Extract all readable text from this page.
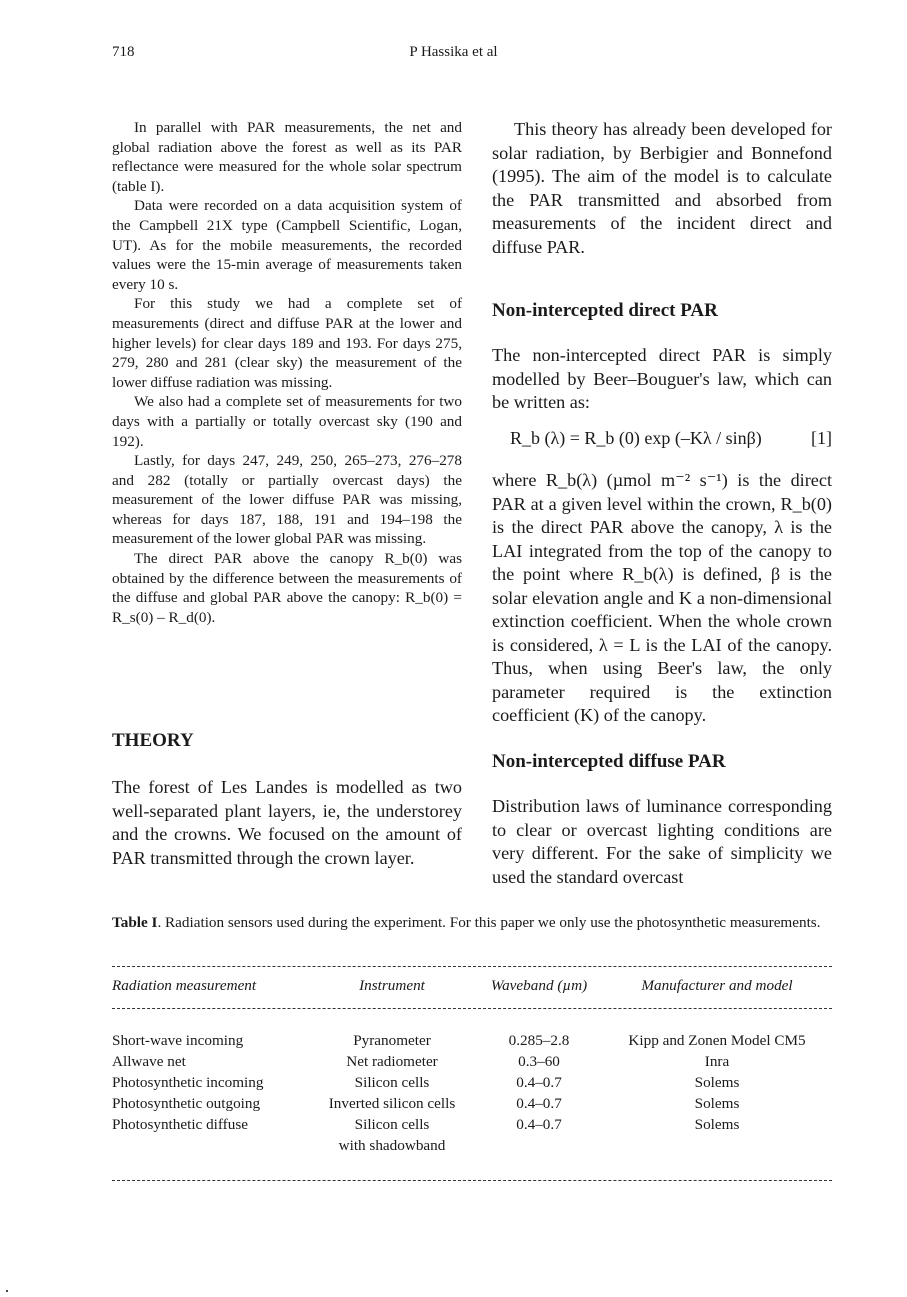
718	P Hassika et al

In parallel with PAR measurements, the net and global radiation above the forest as well as its PAR reflectance were measured for the whole solar spectrum (table I).

Data were recorded on a data acquisition system of the Campbell 21X type (Campbell Scientific, Logan, UT). As for the mobile measurements, the recorded values were the 15-min average of measurements taken every 10 s.

For this study we had a complete set of measurements (direct and diffuse PAR at the lower and higher levels) for clear days 189 and 193. For days 275, 279, 280 and 281 (clear sky) the measurement of the lower diffuse radiation was missing.

We also had a complete set of measurements for two days with a partially or totally overcast sky (190 and 192).

Lastly, for days 247, 249, 250, 265–273, 276–278 and 282 (totally or partially overcast days) the measurement of the lower diffuse PAR was missing, whereas for days 187, 188, 191 and 194–198 the measurement of the lower global PAR was missing.

The direct PAR above the canopy R_b(0) was obtained by the difference between the measurements of the diffuse and global PAR above the canopy: R_b(0) = R_s(0) – R_d(0).

THEORY

The forest of Les Landes is modelled as two well-separated plant layers, ie, the understorey and the crowns. We focused on the amount of PAR transmitted through the crown layer.

This theory has already been developed for solar radiation, by Berbigier and Bonnefond (1995). The aim of the model is to calculate the PAR transmitted and absorbed from measurements of the incident direct and diffuse PAR.

Non-intercepted direct PAR

The non-intercepted direct PAR is simply modelled by Beer–Bouguer's law, which can be written as:

R_b (λ) = R_b (0) exp (–Kλ / sinβ)	[1]

where R_b(λ) (µmol m⁻² s⁻¹) is the direct PAR at a given level within the crown, R_b(0) is the direct PAR above the canopy, λ is the LAI integrated from the top of the canopy to the point where R_b(λ) is defined, β is the solar elevation angle and K a non-dimensional extinction coefficient. When the whole crown is considered, λ = L is the LAI of the canopy. Thus, when using Beer's law, the only parameter required is the extinction coefficient (K) of the canopy.

Non-intercepted diffuse PAR

Distribution laws of luminance corresponding to clear or overcast lighting conditions are very different. For the sake of simplicity we used the standard overcast

Table I. Radiation sensors used during the experiment. For this paper we only use the photosynthetic measurements.
Radiation measurement	Instrument	Waveband (µm)	Manufacturer and model
Short-wave incoming	Pyranometer	0.285–2.8	Kipp and Zonen Model CM5
Allwave net	Net radiometer	0.3–60	Inra
Photosynthetic incoming	Silicon cells	0.4–0.7	Solems
Photosynthetic outgoing	Inverted silicon cells	0.4–0.7	Solems
Photosynthetic diffuse	Silicon cells	0.4–0.7	Solems
	with shadowband		
